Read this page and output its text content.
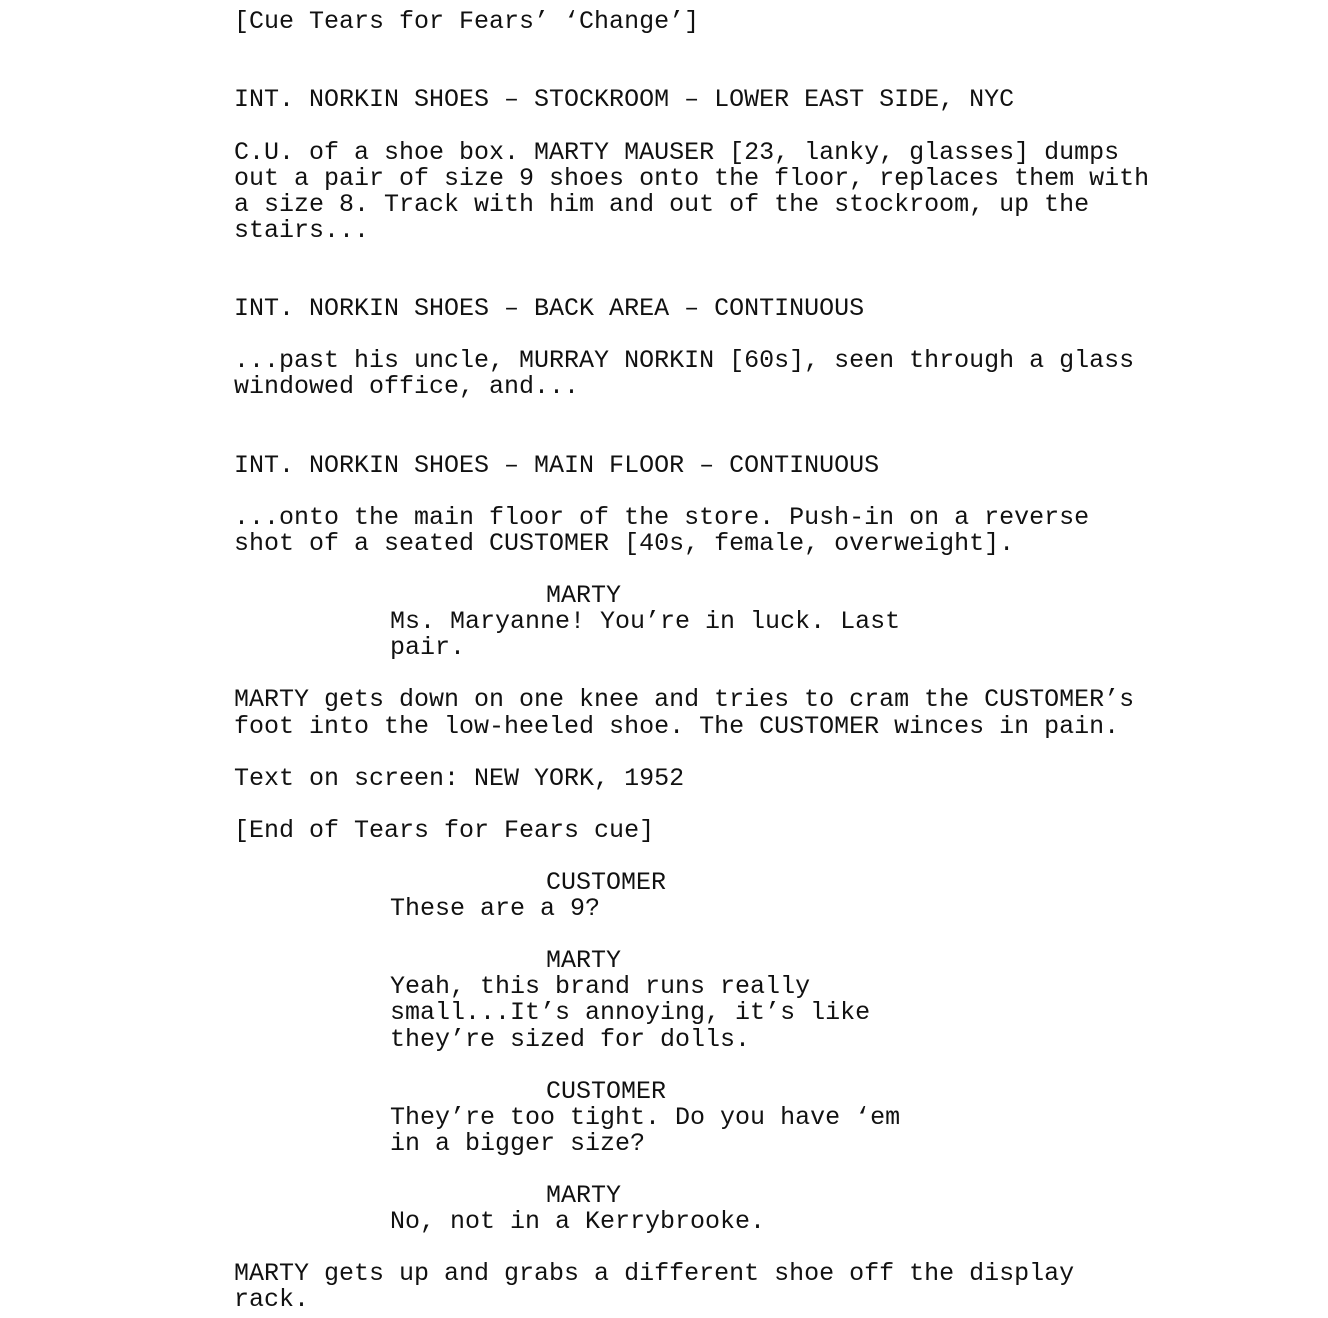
[Cue Tears for Fears’ ‘Change’]
INT. NORKIN SHOES – STOCKROOM – LOWER EAST SIDE, NYC
C.U. of a shoe box. MARTY MAUSER [23, lanky, glasses] dumps
out a pair of size 9 shoes onto the floor, replaces them with
a size 8. Track with him and out of the stockroom, up the
stairs...
INT. NORKIN SHOES – BACK AREA – CONTINUOUS
...past his uncle, MURRAY NORKIN [60s], seen through a glass
windowed office, and...
INT. NORKIN SHOES – MAIN FLOOR – CONTINUOUS
...onto the main floor of the store. Push-in on a reverse
shot of a seated CUSTOMER [40s, female, overweight].
MARTY
Ms. Maryanne! You’re in luck. Last
pair.
MARTY gets down on one knee and tries to cram the CUSTOMER’s
foot into the low-heeled shoe. The CUSTOMER winces in pain.
Text on screen: NEW YORK, 1952
[End of Tears for Fears cue]
CUSTOMER
These are a 9?
MARTY
Yeah, this brand runs really
small...It’s annoying, it’s like
they’re sized for dolls.
CUSTOMER
They’re too tight. Do you have ‘em
in a bigger size?
MARTY
No, not in a Kerrybrooke.
MARTY gets up and grabs a different shoe off the display
rack.
